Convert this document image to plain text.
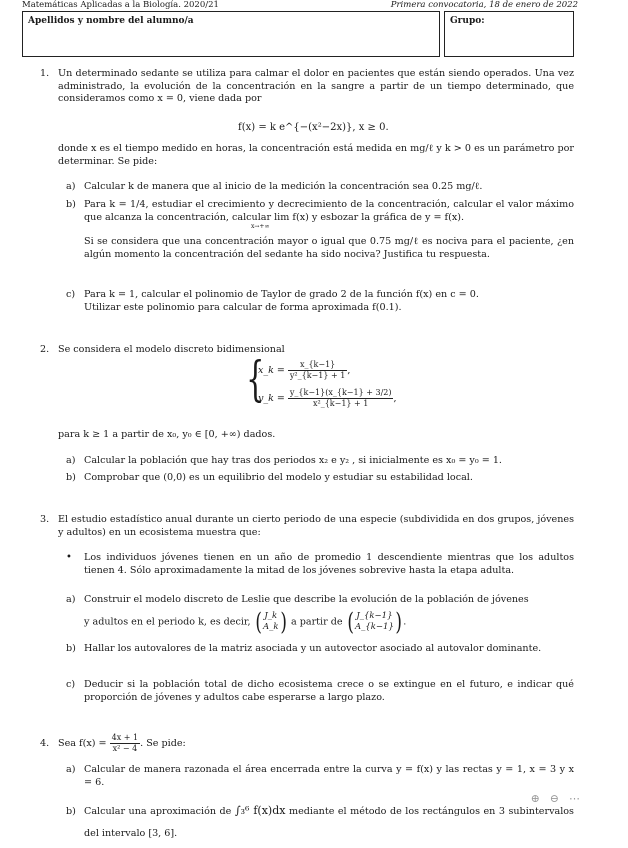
Matemáticas Aplicadas a la Biología. 2020/21	Primera convocatoria, 18 de enero de 2022
Apellidos y nombre del alumno/a	Grupo:
1. Un determinado sedante se utiliza para calmar el dolor en pacientes que están siendo operados. Una vez administrado, la evolución de la concentración en la sangre a partir de un tiempo determinado, que consideramos como x = 0, viene dada por
f(x) = k e^{−(x²−2x)}, x ≥ 0.
donde x es el tiempo medido en horas, la concentración está medida en mg/ℓ y k > 0 es un parámetro por determinar. Se pide:
a) Calcular k de manera que al inicio de la medición la concentración sea 0.25 mg/ℓ.
b) Para k = 1/4, estudiar el crecimiento y decrecimiento de la concentración, calcular el valor máximo que alcanza la concentración, calcular lim f(x) y esbozar la gráfica de y = f(x).
x→+∞
Si se considera que una concentración mayor o igual que 0.75 mg/ℓ es nociva para el paciente, ¿en algún momento la concentración del sedante ha sido nociva? Justifica tu respuesta.
c) Para k = 1, calcular el polinomio de Taylor de grado 2 de la función f(x) en c = 0.
Utilizar este polinomio para calcular de forma aproximada f(0.1).
2. Se considera el modelo discreto bidimensional
{
x_k = $\frac{x\_\{k-1\}}{\text{y²\_\{k−1\} + 1}}$ ,
y_k = $\frac{y\_\{k-1\}(x\_\{k-1\} + 3/2)}{\text{x²\_\{k−1\} + 1}}$ ,
para k ≥ 1 a partir de x₀, y₀ ∈ [0, +∞) dados.
a) Calcular la población que hay tras dos periodos x₂ e y₂ , si inicialmente es x₀ = y₀ = 1.
b) Comprobar que (0,0) es un equilibrio del modelo y estudiar su estabilidad local.
3. El estudio estadístico anual durante un cierto periodo de una especie (subdividida en dos grupos, jóvenes y adultos) en un ecosistema muestra que:
• Los individuos jóvenes tienen en un año de promedio 1 descendiente mientras que los adultos tienen 4. Sólo aproximadamente la mitad de los jóvenes sobrevive hasta la etapa adulta.
a) Construir el modelo discreto de Leslie que describe la evolución de la población de jóvenes
y adultos en el periodo k, es decir, ( J_k
A_k) a partir de ( J_{k−1}
A_{k−1}).
b) Hallar los autovalores de la matriz asociada y un autovector asociado al autovalor dominante.
c) Deducir si la población total de dicho ecosistema crece o se extingue en el futuro, e indicar qué proporción de jóvenes y adultos cabe esperarse a largo plazo.
4. Sea $f(x) = \frac{4x + 1}{\text{x² − 4}}$ . Se pide:
a) Calcular de manera razonada el área encerrada entre la curva y = f(x) y las rectas y = 1, x = 3 y x = 6.
b) Calcular una aproximación de ∫₃⁶ f(x)dx mediante el método de los rectángulos en 3 subintervalos del intervalo [3, 6].
⊕⊖⋯
